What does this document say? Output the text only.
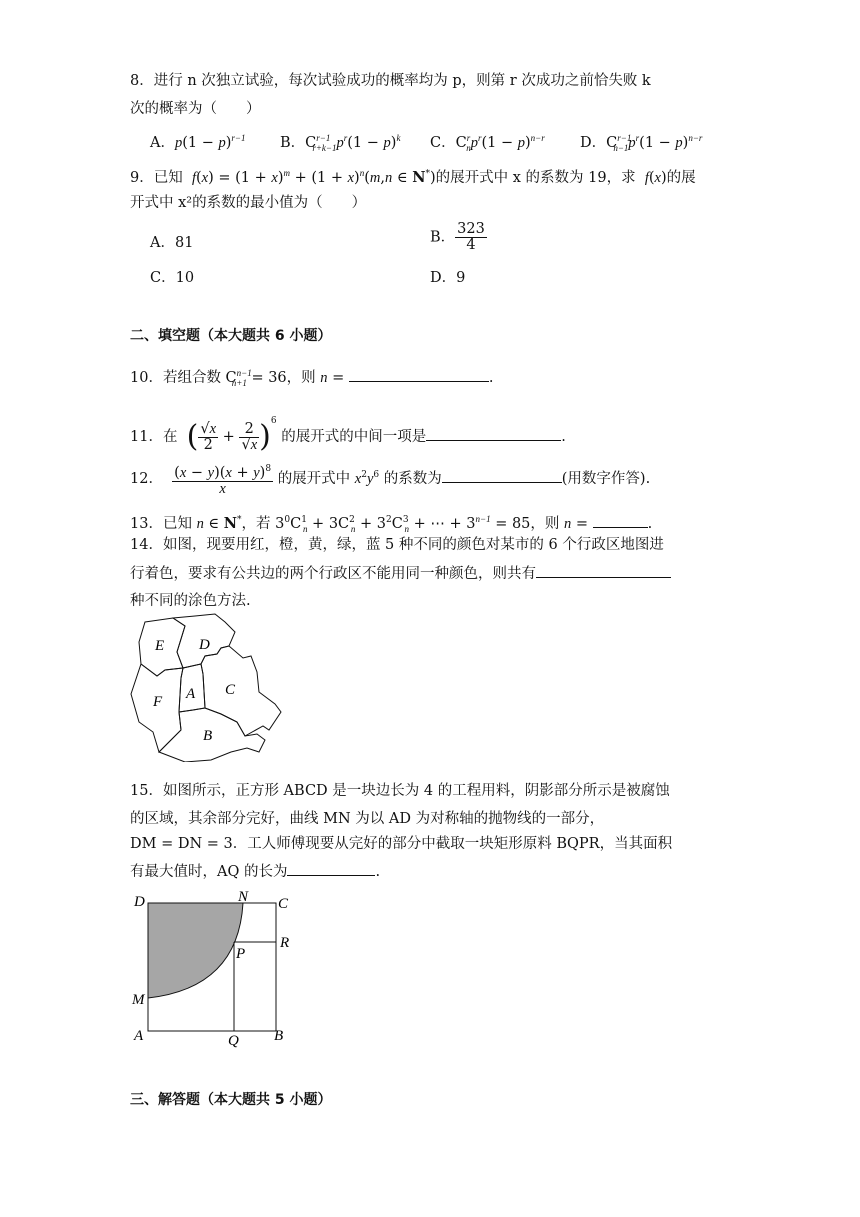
8．进行 n 次独立试验，每次试验成功的概率均为 p，则第 r 次成功之前恰失败 k
次的概率为（　　）
A．$p(1 - p)^{r-1}$ B．$C^{r-1}_{r+k-1}p^r(1 - p)^k$ C．$C^r_np^r(1 - p)^{n-r}$ D．$C^{r-1}_{n-1}p^r(1 - p)^{n-r}$
9．已知 $f(x) = (1 + x)^m + (1 + x)^n(m,n$ ∈ N*)的展开式中 x 的系数为 19，求 f(x)的展
开式中 x²的系数的最小值为（　　）
A．81	B． $\frac{323}{4}$
C．10	D．9
二、填空题（本大题共 6 小题）
10．若组合数 $C^{n-1}_{n+1} = 36$，则 n =	.
11．在 ( $\frac{√x}{2} + \frac{2}{√x} )^6$ 的展开式的中间一项是	.
12． $\frac{(x - y)(x + y)^8}{x}$ 的展开式中 $x^2y^6$ 的系数为	(用数字作答).
13．已知 n ∈ N*，若 $3^0C^1_n + 3C^2_n + 3^2C^3_n$ + ⋯ + $3^{n-1} = 85$，则 n =	.
14．如图，现要用红，橙，黄，绿，蓝 5 种不同的颜色对某市的 6 个行政区地图进
行着色，要求有公共边的两个行政区不能用同一种颜色，则共有
种不同的涂色方法.
E D
F A C
B
15．如图所示，正方形 ABCD 是一块边长为 4 的工程用料，阴影部分所示是被腐蚀
的区域，其余部分完好，曲线 MN 为以 AD 为对称轴的抛物线的一部分，
DM = DN = 3．工人师傅现要从完好的部分中截取一块矩形原料 BQPR，当其面积
有最大值时，AQ 的长为	.
D	N C
R
P
M
A	Q B
三、解答题（本大题共 5 小题）
